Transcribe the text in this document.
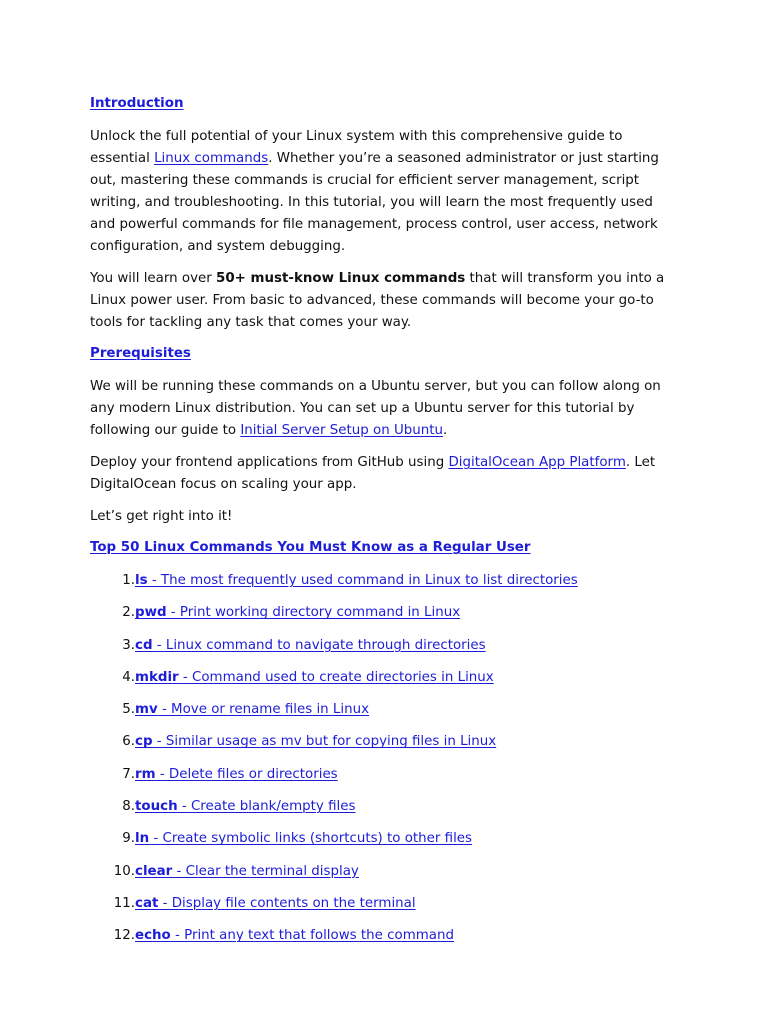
Introduction

Unlock the full potential of your Linux system with this comprehensive guide to essential Linux commands. Whether you’re a seasoned administrator or just starting out, mastering these commands is crucial for efficient server management, script writing, and troubleshooting. In this tutorial, you will learn the most frequently used and powerful commands for file management, process control, user access, network configuration, and system debugging.

You will learn over 50+ must-know Linux commands that will transform you into a Linux power user. From basic to advanced, these commands will become your go-to tools for tackling any task that comes your way.

Prerequisites

We will be running these commands on a Ubuntu server, but you can follow along on any modern Linux distribution. You can set up a Ubuntu server for this tutorial by following our guide to Initial Server Setup on Ubuntu.

Deploy your frontend applications from GitHub using DigitalOcean App Platform. Let DigitalOcean focus on scaling your app.

Let’s get right into it!

Top 50 Linux Commands You Must Know as a Regular User
1. ls - The most frequently used command in Linux to list directories
2. pwd - Print working directory command in Linux
3. cd - Linux command to navigate through directories
4. mkdir - Command used to create directories in Linux
5. mv - Move or rename files in Linux
6. cp - Similar usage as mv but for copying files in Linux
7. rm - Delete files or directories
8. touch - Create blank/empty files
9. ln - Create symbolic links (shortcuts) to other files
10. clear - Clear the terminal display
11. cat - Display file contents on the terminal
12. echo - Print any text that follows the command
